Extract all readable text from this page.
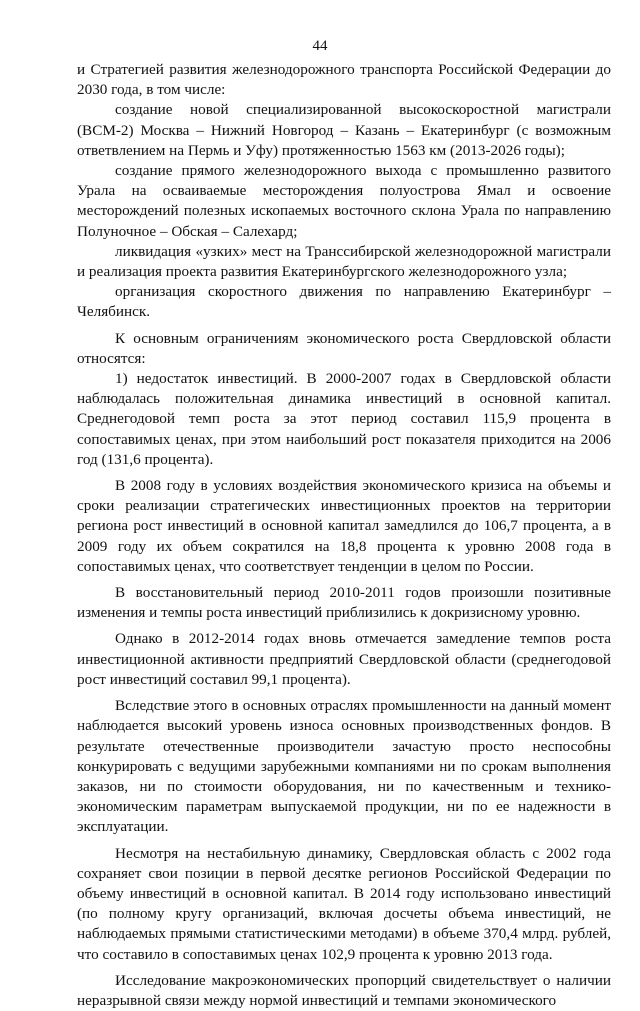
44

и Стратегией развития железнодорожного транспорта Российской Федерации до 2030 года, в том числе:

создание новой специализированной высокоскоростной магистрали (ВСМ-2) Москва – Нижний Новгород – Казань – Екатеринбург (с возможным ответвлением на Пермь и Уфу) протяженностью 1563 км (2013-2026 годы);

создание прямого железнодорожного выхода с промышленно развитого Урала на осваиваемые месторождения полуострова Ямал и освоение месторождений полезных ископаемых восточного склона Урала по направлению Полуночное – Обская – Салехард;

ликвидация «узких» мест на Транссибирской железнодорожной магистрали и реализация проекта развития Екатеринбургского железнодорожного узла;

организация скоростного движения по направлению Екатеринбург – Челябинск.

К основным ограничениям экономического роста Свердловской области относятся:

1) недостаток инвестиций. В 2000-2007 годах в Свердловской области наблюдалась положительная динамика инвестиций в основной капитал. Среднегодовой темп роста за этот период составил 115,9 процента в сопоставимых ценах, при этом наибольший рост показателя приходится на 2006 год (131,6 процента).

В 2008 году в условиях воздействия экономического кризиса на объемы и сроки реализации стратегических инвестиционных проектов на территории региона рост инвестиций в основной капитал замедлился до 106,7 процента, а в 2009 году их объем сократился на 18,8 процента к уровню 2008 года в сопоставимых ценах, что соответствует тенденции в целом по России.

В восстановительный период 2010-2011 годов произошли позитивные изменения и темпы роста инвестиций приблизились к докризисному уровню.

Однако в 2012-2014 годах вновь отмечается замедление темпов роста инвестиционной активности предприятий Свердловской области (среднегодовой рост инвестиций составил 99,1 процента).

Вследствие этого в основных отраслях промышленности на данный момент наблюдается высокий уровень износа основных производственных фондов. В результате отечественные производители зачастую просто неспособны конкурировать с ведущими зарубежными компаниями ни по срокам выполнения заказов, ни по стоимости оборудования, ни по качественным и технико-экономическим параметрам выпускаемой продукции, ни по ее надежности в эксплуатации.

Несмотря на нестабильную динамику, Свердловская область с 2002 года сохраняет свои позиции в первой десятке регионов Российской Федерации по объему инвестиций в основной капитал. В 2014 году использовано инвестиций (по полному кругу организаций, включая досчеты объема инвестиций, не наблюдаемых прямыми статистическими методами) в объеме 370,4 млрд. рублей, что составило в сопоставимых ценах 102,9 процента к уровню 2013 года.

Исследование макроэкономических пропорций свидетельствует о наличии неразрывной связи между нормой инвестиций и темпами экономического
